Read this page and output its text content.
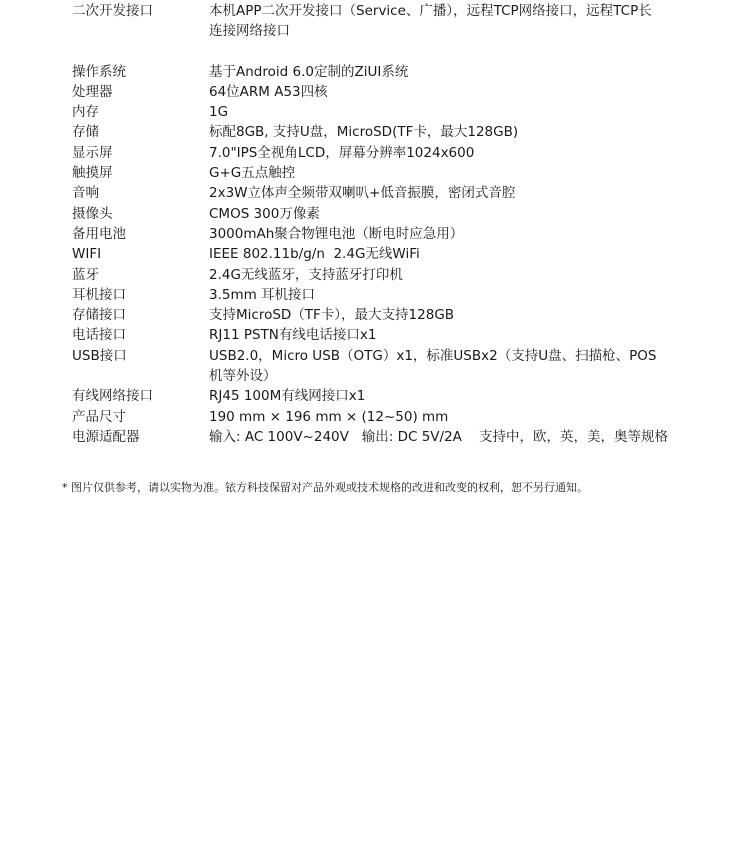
二次开发接口	本机APP二次开发接口（Service、广播），远程TCP网络接口，远程TCP长
连接网络接口
操作系统	基于Android 6.0定制的ZiUI系统
处理器	64位ARM A53四核
内存	1G
存储	标配8GB, 支持U盘，MicroSD(TF卡，最大128GB)
显示屏	7.0"IPS全视角LCD，屏幕分辨率1024x600
触摸屏	G+G五点触控
音响	2x3W立体声全频带双喇叭+低音振膜，密闭式音腔
摄像头	CMOS 300万像素
备用电池	3000mAh聚合物锂电池（断电时应急用）
WIFI	IEEE 802.11b/g/n  2.4G无线WiFi
蓝牙	2.4G无线蓝牙，支持蓝牙打印机
耳机接口	3.5mm 耳机接口
存储接口	支持MicroSD（TF卡），最大支持128GB
电话接口	RJ11 PSTN有线电话接口x1
USB接口	USB2.0，Micro USB（OTG）x1，标准USBx2（支持U盘、扫描枪、POS
机等外设）
有线网络接口	RJ45 100M有线网接口x1
产品尺寸	190 mm × 196 mm × (12~50) mm
电源适配器	输入: AC 100V~240V   输出: DC 5V/2A    支持中，欧，英，美，奥等规格
* 图片仅供参考，请以实物为准。铱方科技保留对产品外观或技术规格的改进和改变的权利，恕不另行通知。
